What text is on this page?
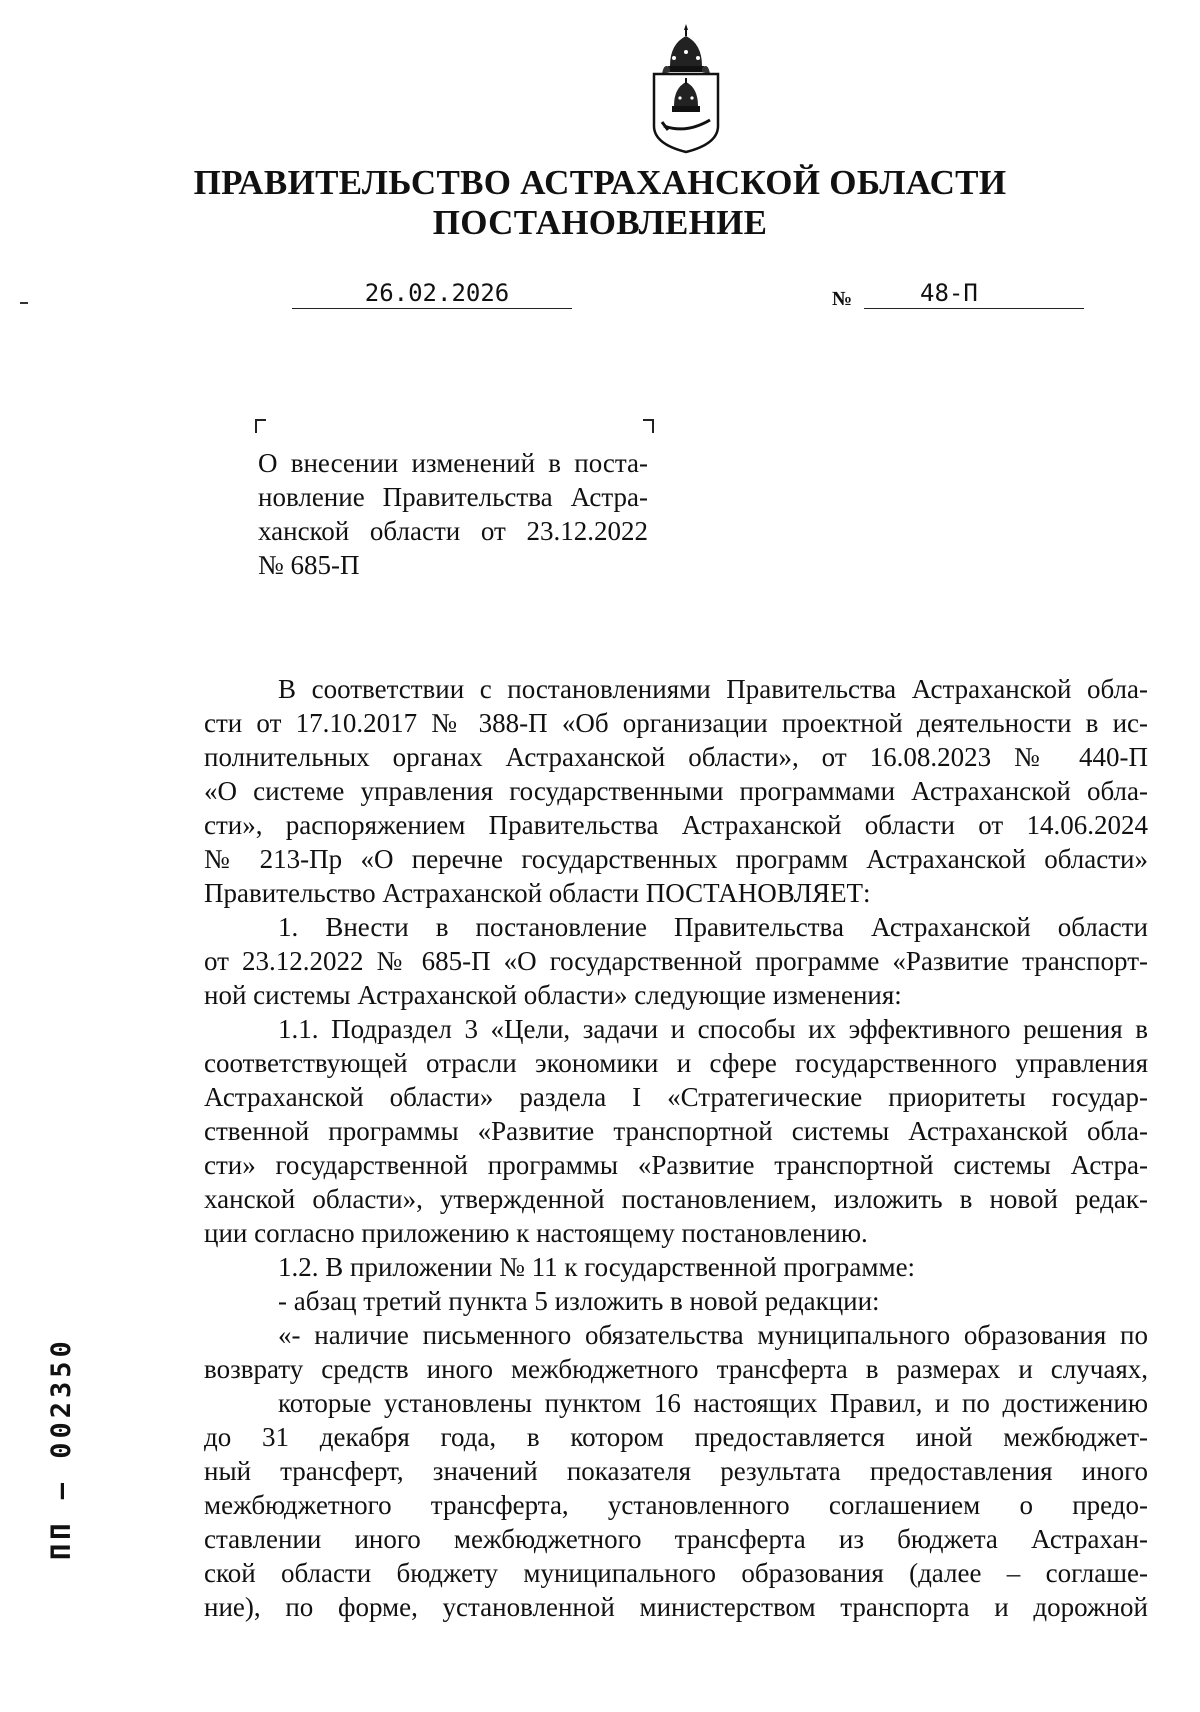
ПРАВИТЕЛЬСТВО АСТРАХАНСКОЙ ОБЛАСТИ
ПОСТАНОВЛЕНИЕ
26.02.2026	№	48-П
О внесении изменений в поста-
новление Правительства Астра-
ханской области от 23.12.2022
№ 685-П
В соответствии с постановлениями Правительства Астраханской обла-
сти от 17.10.2017 № 388-П «Об организации проектной деятельности в ис-
полнительных органах Астраханской области», от 16.08.2023 № 440-П
«О системе управления государственными программами Астраханской обла-
сти», распоряжением Правительства Астраханской области от 14.06.2024
№ 213-Пр «О перечне государственных программ Астраханской области»
Правительство Астраханской области ПОСТАНОВЛЯЕТ:
1. Внести в постановление Правительства Астраханской области
от 23.12.2022 № 685-П «О государственной программе «Развитие транспорт-
ной системы Астраханской области» следующие изменения:
1.1. Подраздел 3 «Цели, задачи и способы их эффективного решения в
соответствующей отрасли экономики и сфере государственного управления
Астраханской области» раздела I «Стратегические приоритеты государ-
ственной программы «Развитие транспортной системы Астраханской обла-
сти» государственной программы «Развитие транспортной системы Астра-
ханской области», утвержденной постановлением, изложить в новой редак-
ции согласно приложению к настоящему постановлению.
1.2. В приложении № 11 к государственной программе:
- абзац третий пункта 5 изложить в новой редакции:
«- наличие письменного обязательства муниципального образования по
возврату средств иного межбюджетного трансферта в размерах и случаях,
которые установлены пунктом 16 настоящих Правил, и по достижению
до 31 декабря года, в котором предоставляется иной межбюджет-
ный трансферт, значений показателя результата предоставления иного
межбюджетного трансферта, установленного соглашением о предо-
ставлении иного межбюджетного трансферта из бюджета Астрахан-
ской области бюджету муниципального образования (далее – соглаше-
ние), по форме, установленной министерством транспорта и дорожной
ПП – 002350
